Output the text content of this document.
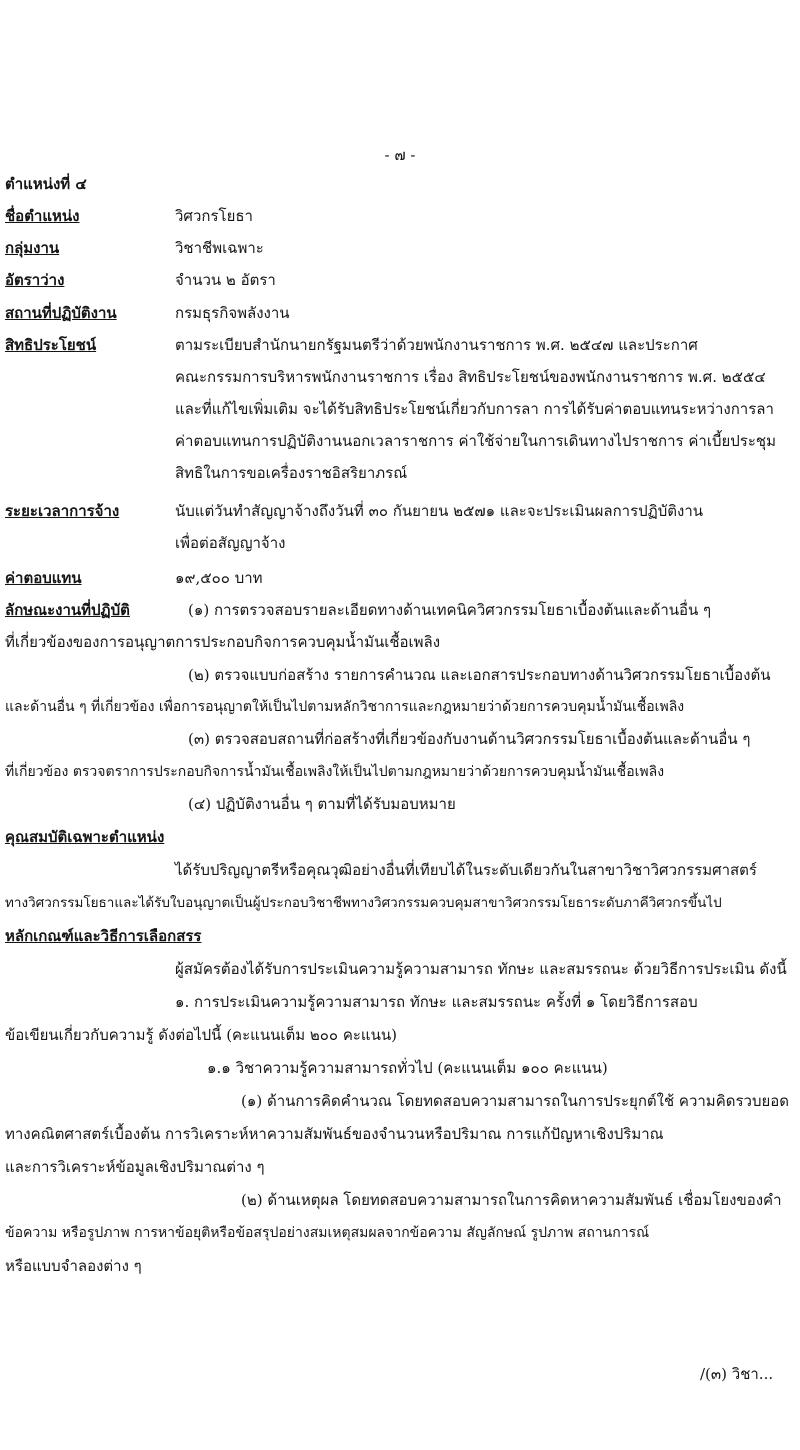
- ๗ -
ตำแหน่งที่ ๔
ชื่อตำแหน่ง	วิศวกรโยธา
กลุ่มงาน	วิชาชีพเฉพาะ
อัตราว่าง	จำนวน ๒ อัตรา
สถานที่ปฏิบัติงาน	กรมธุรกิจพลังงาน
สิทธิประโยชน์	ตามระเบียบสำนักนายกรัฐมนตรีว่าด้วยพนักงานราชการ พ.ศ. ๒๕๔๗ และประกาศ
คณะกรรมการบริหารพนักงานราชการ เรื่อง สิทธิประโยชน์ของพนักงานราชการ พ.ศ. ๒๕๕๔
และที่แก้ไขเพิ่มเติม จะได้รับสิทธิประโยชน์เกี่ยวกับการลา การได้รับค่าตอบแทนระหว่างการลา
ค่าตอบแทนการปฏิบัติงานนอกเวลาราชการ ค่าใช้จ่ายในการเดินทางไปราชการ ค่าเบี้ยประชุม
สิทธิในการขอเครื่องราชอิสริยาภรณ์
ระยะเวลาการจ้าง	นับแต่วันทำสัญญาจ้างถึงวันที่ ๓๐ กันยายน ๒๕๗๑ และจะประเมินผลการปฏิบัติงาน
เพื่อต่อสัญญาจ้าง
ค่าตอบแทน	๑๙,๕๐๐ บาท
ลักษณะงานที่ปฏิบัติ	(๑) การตรวจสอบรายละเอียดทางด้านเทคนิควิศวกรรมโยธาเบื้องต้นและด้านอื่น ๆ
ที่เกี่ยวข้องของการอนุญาตการประกอบกิจการควบคุมน้ำมันเชื้อเพลิง
(๒) ตรวจแบบก่อสร้าง รายการคำนวณ และเอกสารประกอบทางด้านวิศวกรรมโยธาเบื้องต้น
และด้านอื่น ๆ ที่เกี่ยวข้อง เพื่อการอนุญาตให้เป็นไปตามหลักวิชาการและกฎหมายว่าด้วยการควบคุมน้ำมันเชื้อเพลิง
(๓) ตรวจสอบสถานที่ก่อสร้างที่เกี่ยวข้องกับงานด้านวิศวกรรมโยธาเบื้องต้นและด้านอื่น ๆ
ที่เกี่ยวข้อง ตรวจตราการประกอบกิจการน้ำมันเชื้อเพลิงให้เป็นไปตามกฎหมายว่าด้วยการควบคุมน้ำมันเชื้อเพลิง
(๔) ปฏิบัติงานอื่น ๆ ตามที่ได้รับมอบหมาย
คุณสมบัติเฉพาะตำแหน่ง
ได้รับปริญญาตรีหรือคุณวุฒิอย่างอื่นที่เทียบได้ในระดับเดียวกันในสาขาวิชาวิศวกรรมศาสตร์
ทางวิศวกรรมโยธาและได้รับใบอนุญาตเป็นผู้ประกอบวิชาชีพทางวิศวกรรมควบคุมสาขาวิศวกรรมโยธาระดับภาคีวิศวกรขึ้นไป
หลักเกณฑ์และวิธีการเลือกสรร
ผู้สมัครต้องได้รับการประเมินความรู้ความสามารถ ทักษะ และสมรรถนะ ด้วยวิธีการประเมิน ดังนี้
๑. การประเมินความรู้ความสามารถ ทักษะ และสมรรถนะ ครั้งที่ ๑ โดยวิธีการสอบ
ข้อเขียนเกี่ยวกับความรู้ ดังต่อไปนี้ (คะแนนเต็ม ๒๐๐ คะแนน)
๑.๑ วิชาความรู้ความสามารถทั่วไป (คะแนนเต็ม ๑๐๐ คะแนน)
(๑) ด้านการคิดคำนวณ โดยทดสอบความสามารถในการประยุกต์ใช้ ความคิดรวบยอด
ทางคณิตศาสตร์เบื้องต้น การวิเคราะห์หาความสัมพันธ์ของจำนวนหรือปริมาณ การแก้ปัญหาเชิงปริมาณ
และการวิเคราะห์ข้อมูลเชิงปริมาณต่าง ๆ
(๒) ด้านเหตุผล โดยทดสอบความสามารถในการคิดหาความสัมพันธ์ เชื่อมโยงของคำ
ข้อความ หรือรูปภาพ การหาข้อยุติหรือข้อสรุปอย่างสมเหตุสมผลจากข้อความ สัญลักษณ์ รูปภาพ สถานการณ์
หรือแบบจำลองต่าง ๆ
/(๓) วิชา...
